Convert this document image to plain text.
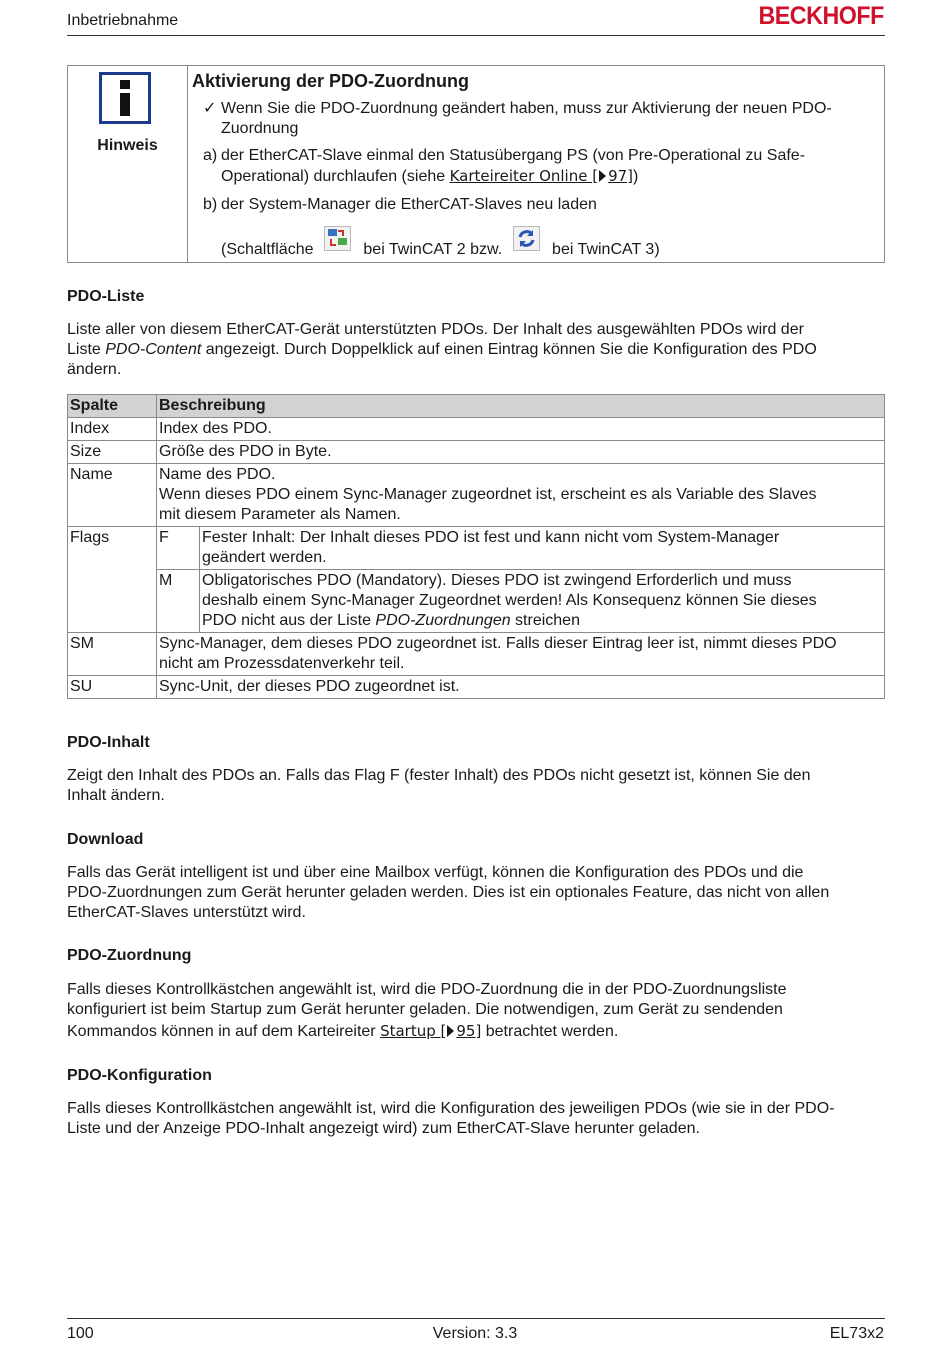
Inbetriebnahme	BECKHOFF
Hinweis
Aktivierung der PDO-Zuordnung
✓ Wenn Sie die PDO-Zuordnung geändert haben, muss zur Aktivierung der neuen PDO-Zuordnung
a) der EtherCAT-Slave einmal den Statusübergang PS (von Pre-Operational zu Safe-Operational) durchlaufen (siehe Karteireiter Online [ 97])
b) der System-Manager die EtherCAT-Slaves neu laden
(Schaltfläche	bei TwinCAT 2 bzw.	bei TwinCAT 3)
PDO-Liste
Liste aller von diesem EtherCAT-Gerät unterstützten PDOs. Der Inhalt des ausgewählten PDOs wird der
Liste PDO-Content angezeigt. Durch Doppelklick auf einen Eintrag können Sie die Konfiguration des PDO
ändern.
Spalte	Beschreibung	
Index	Index des PDO.	
Size	Größe des PDO in Byte.	
Name	Name des PDO.
Wenn dieses PDO einem Sync-Manager zugeordnet ist, erscheint es als Variable des Slaves
mit diesem Parameter als Namen.	

Flags	F	Fester Inhalt: Der Inhalt dieses PDO ist fest und kann nicht vom System-Manager
geändert werden.

	M	Obligatorisches PDO (Mandatory). Dieses PDO ist zwingend Erforderlich und muss
deshalb einem Sync-Manager Zugeordnet werden! Als Konsequenz können Sie dieses
PDO nicht aus der Liste PDO-Zuordnungen streichen

SM	Sync-Manager, dem dieses PDO zugeordnet ist. Falls dieser Eintrag leer ist, nimmt dieses PDO
nicht am Prozessdatenverkehr teil.	

SU	Sync-Unit, der dieses PDO zugeordnet ist.	
PDO-Inhalt
Zeigt den Inhalt des PDOs an. Falls das Flag F (fester Inhalt) des PDOs nicht gesetzt ist, können Sie den
Inhalt ändern.
Download
Falls das Gerät intelligent ist und über eine Mailbox verfügt, können die Konfiguration des PDOs und die
PDO-Zuordnungen zum Gerät herunter geladen werden. Dies ist ein optionales Feature, das nicht von allen
EtherCAT-Slaves unterstützt wird.
PDO-Zuordnung
Falls dieses Kontrollkästchen angewählt ist, wird die PDO-Zuordnung die in der PDO-Zuordnungsliste
konfiguriert ist beim Startup zum Gerät herunter geladen. Die notwendigen, zum Gerät zu sendenden
Kommandos können in auf dem Karteireiter Startup [ 95] betrachtet werden.
PDO-Konfiguration
Falls dieses Kontrollkästchen angewählt ist, wird die Konfiguration des jeweiligen PDOs (wie sie in der PDO-
Liste und der Anzeige PDO-Inhalt angezeigt wird) zum EtherCAT-Slave herunter geladen.
100	Version: 3.3	EL73x2
